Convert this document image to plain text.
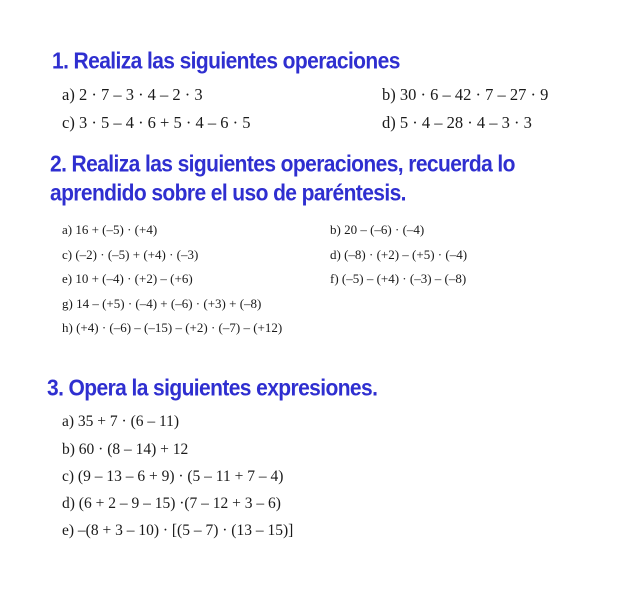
1. Realiza las siguientes operaciones
a) 2 · 7 – 3 · 4 – 2 · 3	b) 30 · 6 – 42 · 7 – 27 · 9
c) 3 · 5 – 4 · 6 + 5 · 4 – 6 · 5	d) 5 · 4 – 28 · 4 – 3 · 3
2. Realiza las siguientes operaciones, recuerda lo
aprendido sobre el uso de paréntesis.
a) 16 + (–5) · (+4)	b) 20 – (–6) · (–4)
c) (–2) · (–5) + (+4) · (–3)	d) (–8) · (+2) – (+5) · (–4)
e) 10 + (–4) · (+2) – (+6)	f) (–5) – (+4) · (–3) – (–8)
g) 14 – (+5) · (–4) + (–6) · (+3) + (–8)
h) (+4) · (–6) – (–15) – (+2) · (–7) – (+12)
3. Opera la siguientes expresiones.
a) 35 + 7 · (6 – 11)
b) 60 · (8 – 14) + 12
c) (9 – 13 – 6 + 9) · (5 – 11 + 7 – 4)
d) (6 + 2 – 9 – 15) ·(7 – 12 + 3 – 6)
e) –(8 + 3 – 10) · [(5 – 7) · (13 – 15)]
